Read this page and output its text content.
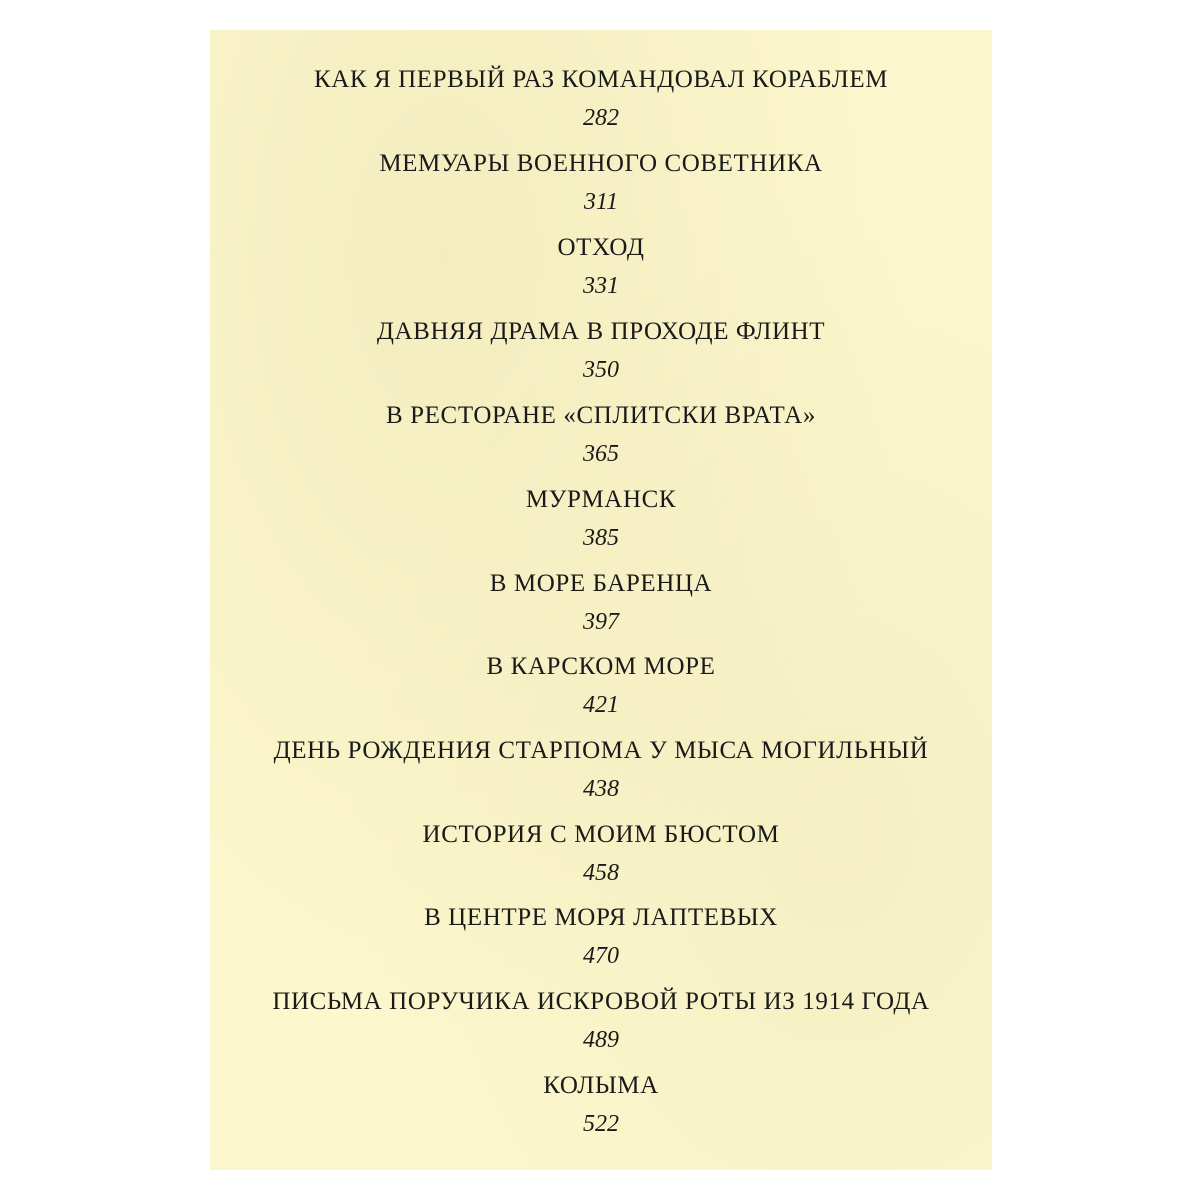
КАК Я ПЕРВЫЙ РАЗ КОМАНДОВАЛ КОРАБЛЕМ
282
МЕМУАРЫ ВОЕННОГО СОВЕТНИКА
311
ОТХОД
331
ДАВНЯЯ ДРАМА В ПРОХОДЕ ФЛИНТ
350
В РЕСТОРАНЕ «СПЛИТСКИ ВРАТА»
365
МУРМАНСК
385
В МОРЕ БАРЕНЦА
397
В КАРСКОМ МОРЕ
421
ДЕНЬ РОЖДЕНИЯ СТАРПОМА У МЫСА МОГИЛЬНЫЙ
438
ИСТОРИЯ С МОИМ БЮСТОМ
458
В ЦЕНТРЕ МОРЯ ЛАПТЕВЫХ
470
ПИСЬМА ПОРУЧИКА ИСКРОВОЙ РОТЫ ИЗ 1914 ГОДА
489
КОЛЫМА
522
